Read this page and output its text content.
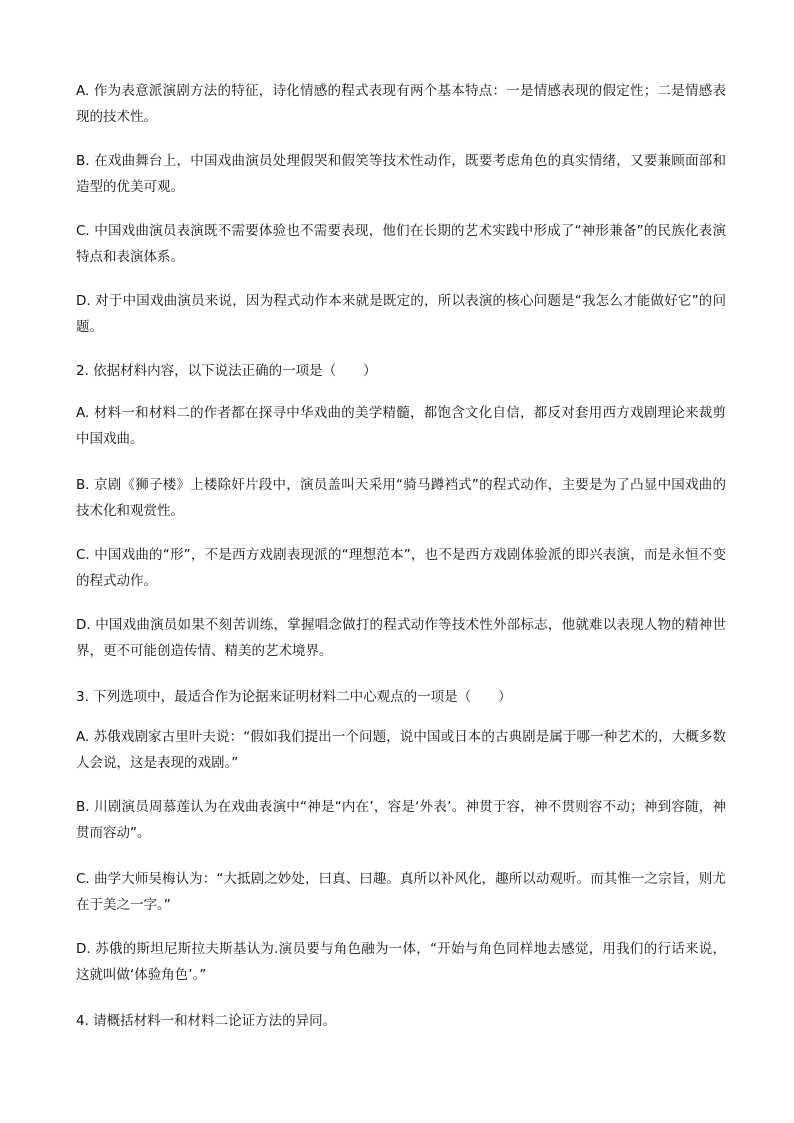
A. 作为表意派演剧方法的特征，诗化情感的程式表现有两个基本特点：一是情感表现的假定性；二是情感表现的技术性。

B. 在戏曲舞台上，中国戏曲演员处理假哭和假笑等技术性动作，既要考虑角色的真实情绪，又要兼顾面部和造型的优美可观。

C. 中国戏曲演员表演既不需要体验也不需要表现，他们在长期的艺术实践中形成了“神形兼备”的民族化表演特点和表演体系。

D. 对于中国戏曲演员来说，因为程式动作本来就是既定的，所以表演的核心问题是“我怎么才能做好它”的问题。

2. 依据材料内容，以下说法正确的一项是（　　）

A. 材料一和材料二的作者都在探寻中华戏曲的美学精髓，都饱含文化自信，都反对套用西方戏剧理论来裁剪中国戏曲。

B. 京剧《狮子楼》上楼除奸片段中，演员盖叫天采用“骑马蹲裆式”的程式动作，主要是为了凸显中国戏曲的技术化和观赏性。

C. 中国戏曲的“形”，不是西方戏剧表现派的“理想范本”，也不是西方戏剧体验派的即兴表演，而是永恒不变的程式动作。

D. 中国戏曲演员如果不刻苦训练，掌握唱念做打的程式动作等技术性外部标志，他就难以表现人物的精神世界，更不可能创造传情、精美的艺术境界。

3. 下列选项中，最适合作为论据来证明材料二中心观点的一项是（　　）

A. 苏俄戏剧家古里叶夫说：“假如我们提出一个问题，说中国或日本的古典剧是属于哪一种艺术的，大概多数人会说，这是表现的戏剧。”

B. 川剧演员周慕莲认为在戏曲表演中“神是“内在’，容是‘外表’。神贯于容，神不贯则容不动；神到容随，神贯而容动”。

C. 曲学大师吴梅认为：“大抵剧之妙处，曰真、曰趣。真所以补风化，趣所以动观听。而其惟一之宗旨，则尤在于美之一字。”

D. 苏俄的斯坦尼斯拉夫斯基认为.演员要与角色融为一体，“开始与角色同样地去感觉，用我们的行话来说，这就叫做‘体验角色’。”

4. 请概括材料一和材料二论证方法的异同。
